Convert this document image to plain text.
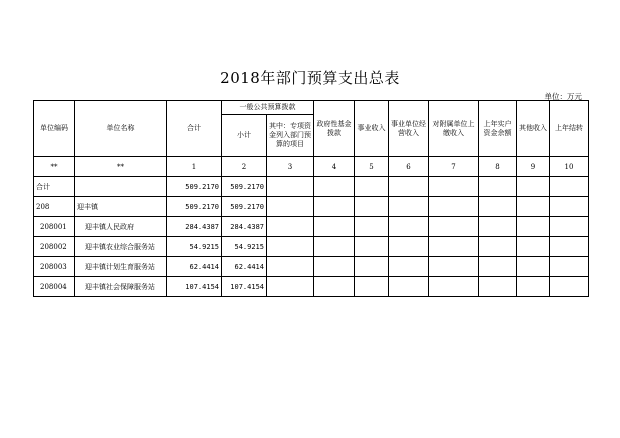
2018年部门预算支出总表
单位：万元
单位编码	单位名称	合计	一般公共预算拨款		政府性基金拨款	事业收入	事业单位经营收入	对附属单位上缴收入	上年实户资金余额	其他收入	上年结转
			小计	其中：专项资金列入部门预算的项目							
**	**	1	2	3	4	5	6	7	8	9	10
合计		509.2170	509.2170								
208	迎丰镇	509.2170	509.2170								
208001	迎丰镇人民政府	284.4387	284.4387								
208002	迎丰镇农业综合服务站	54.9215	54.9215								
208003	迎丰镇计划生育服务站	62.4414	62.4414								
208004	迎丰镇社会保障服务站	107.4154	107.4154								
